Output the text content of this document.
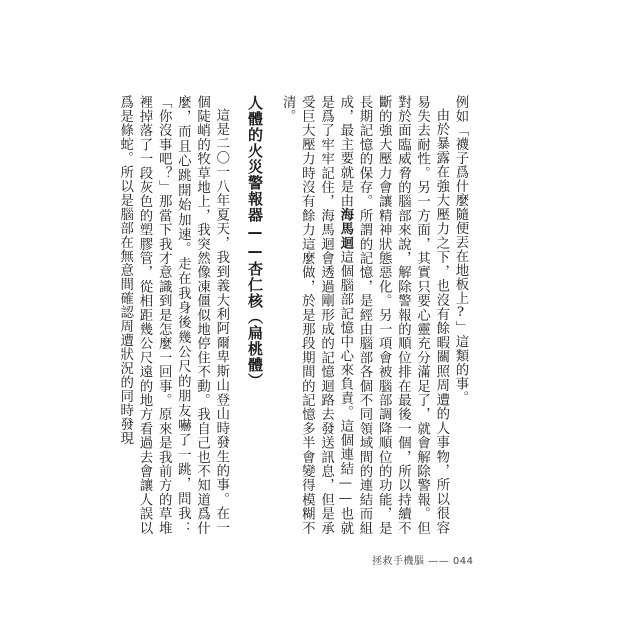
例如「襪子爲什麼隨便丟在地板上?」這類的事。

由於暴露在強大壓力之下，也沒有餘暇關照周遭的人事物，所以很容易失去耐性。另一方面，其實只要心靈充分滿足了，就會解除警報。但對於面臨威脅的腦部來說，解除警報的順位排在最後一個，所以持續不斷的強大壓力會讓精神狀態惡化。另一項會被腦部調降順位的功能，是長期記憶的保存。所謂的記憶，是經由腦部各個不同領域間的連結而組成，最主要就是由海馬迴這個腦部記憶中心來負責。這個連結——也就是爲了牢牢記住，海馬迴會透過剛形成的記憶迴路去發送訊息，但是承受巨大壓力時沒有餘力這麼做，於是那段期間的記憶多半會變得模糊不清。

人體的火災警報器——杏仁核（扁桃體）

這是二〇一八年夏天，我到義大利阿爾卑斯山登山時發生的事。在一個陡峭的牧草地上，我突然像凍僵似地停住不動。我自己也不知道爲什麼，而且心跳開始加速。走在我身後幾公尺的朋友嚇了一跳，問我：「你沒事吧？」那當下我才意識到是怎麼一回事。原來是我前方的草堆裡掉落了一段灰色的塑膠管，從相距幾公尺遠的地方看過去會讓人誤以爲是條蛇。所以是腦部在無意間確認周遭狀況的同時發現

拯救手機腦 —— 044
